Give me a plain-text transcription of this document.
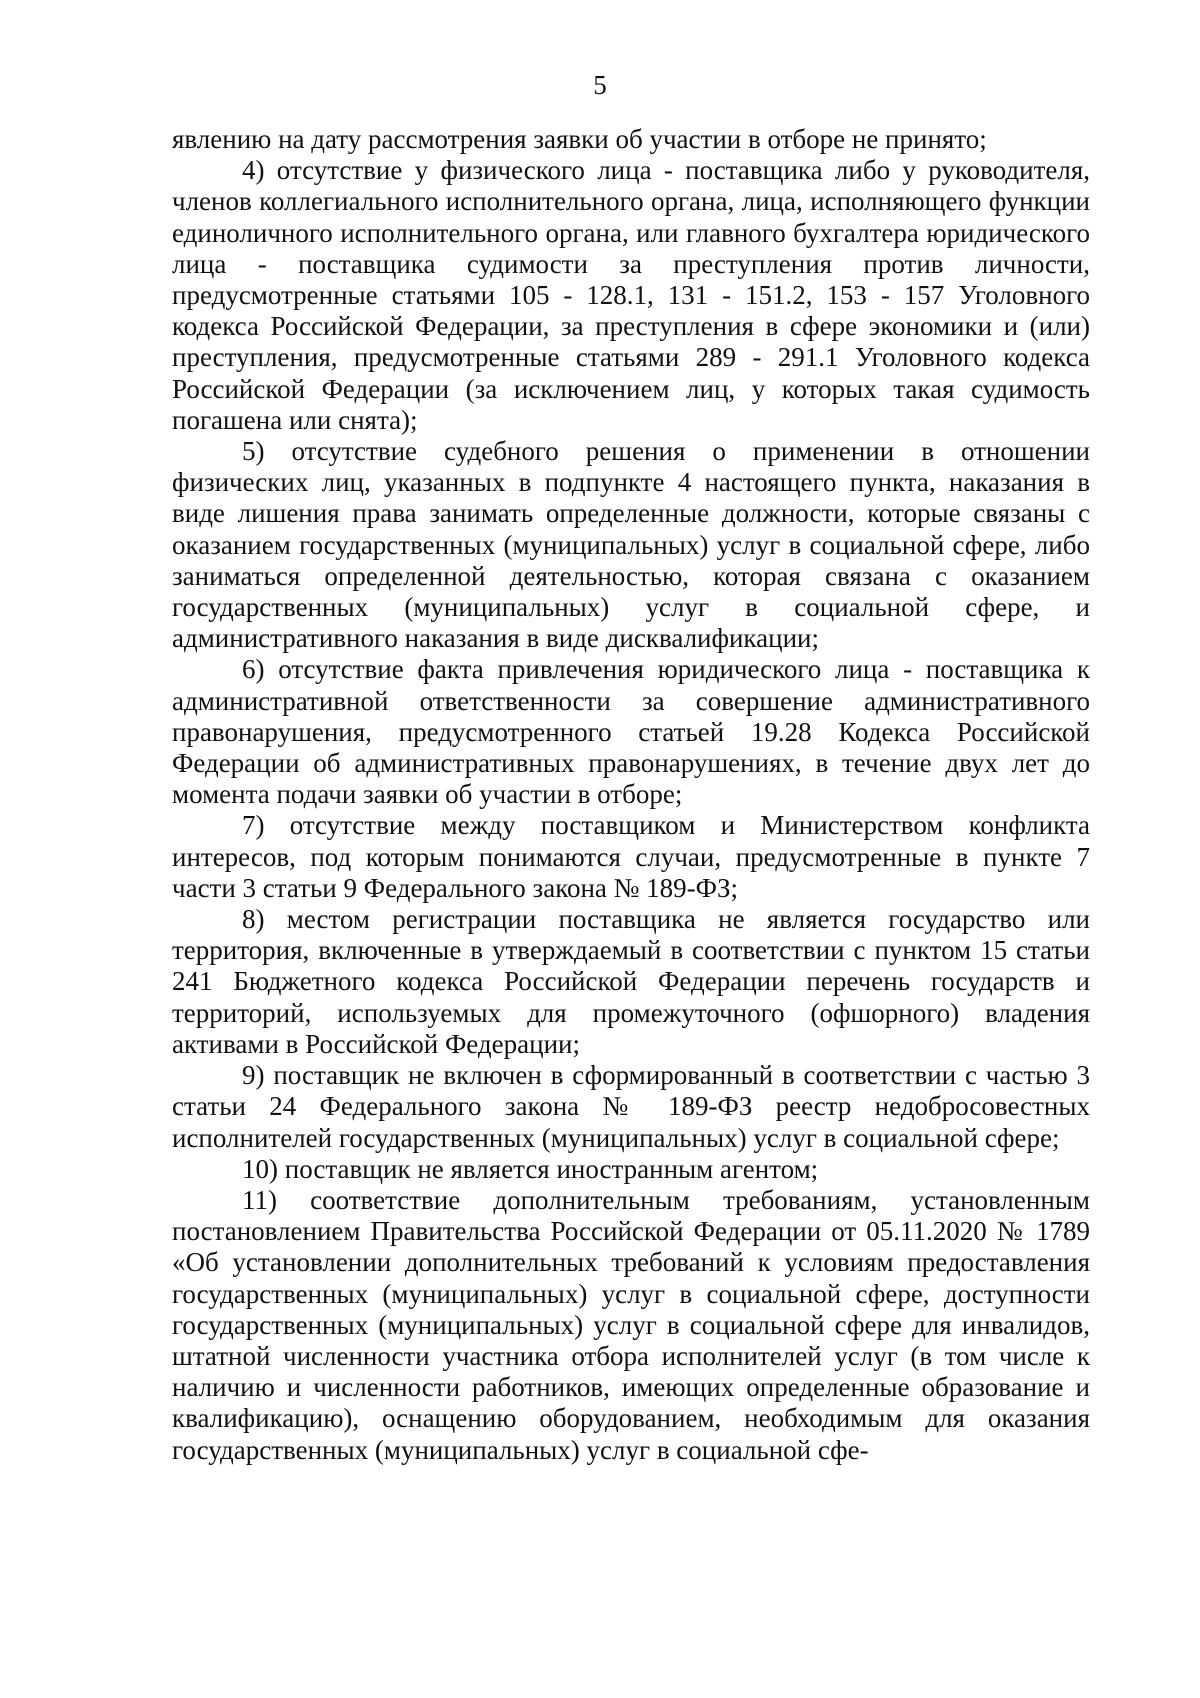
5

явлению на дату рассмотрения заявки об участии в отборе не принято;

4) отсутствие у физического лица - поставщика либо у руководителя, членов коллегиального исполнительного органа, лица, исполняющего функции единоличного исполнительного органа, или главного бухгалтера юридического лица - поставщика судимости за преступления против личности, предусмотренные статьями 105 - 128.1, 131 - 151.2, 153 - 157 Уголовного кодекса Российской Федерации, за преступления в сфере экономики и (или) преступления, предусмотренные статьями 289 - 291.1 Уголовного кодекса Российской Федерации (за исключением лиц, у которых такая судимость погашена или снята);

5) отсутствие судебного решения о применении в отношении физических лиц, указанных в подпункте 4 настоящего пункта, наказания в виде лишения права занимать определенные должности, которые связаны с оказанием государственных (муниципальных) услуг в социальной сфере, либо заниматься определенной деятельностью, которая связана с оказанием государственных (муниципальных) услуг в социальной сфере, и административного наказания в виде дисквалификации;

6) отсутствие факта привлечения юридического лица - поставщика к административной ответственности за совершение административного правонарушения, предусмотренного статьей 19.28 Кодекса Российской Федерации об административных правонарушениях, в течение двух лет до момента подачи заявки об участии в отборе;

7) отсутствие между поставщиком и Министерством конфликта интересов, под которым понимаются случаи, предусмотренные в пункте 7 части 3 статьи 9 Федерального закона № 189-ФЗ;

8) местом регистрации поставщика не является государство или территория, включенные в утверждаемый в соответствии с пунктом 15 статьи 241 Бюджетного кодекса Российской Федерации перечень государств и территорий, используемых для промежуточного (офшорного) владения активами в Российской Федерации;

9) поставщик не включен в сформированный в соответствии с частью 3 статьи 24 Федерального закона № 189-ФЗ реестр недобросовестных исполнителей государственных (муниципальных) услуг в социальной сфере;

10) поставщик не является иностранным агентом;

11) соответствие дополнительным требованиям, установленным постановлением Правительства Российской Федерации от 05.11.2020 № 1789 «Об установлении дополнительных требований к условиям предоставления государственных (муниципальных) услуг в социальной сфере, доступности государственных (муниципальных) услуг в социальной сфере для инвалидов, штатной численности участника отбора исполнителей услуг (в том числе к наличию и численности работников, имеющих определенные образование и квалификацию), оснащению оборудованием, необходимым для оказания государственных (муниципальных) услуг в социальной сфе-
